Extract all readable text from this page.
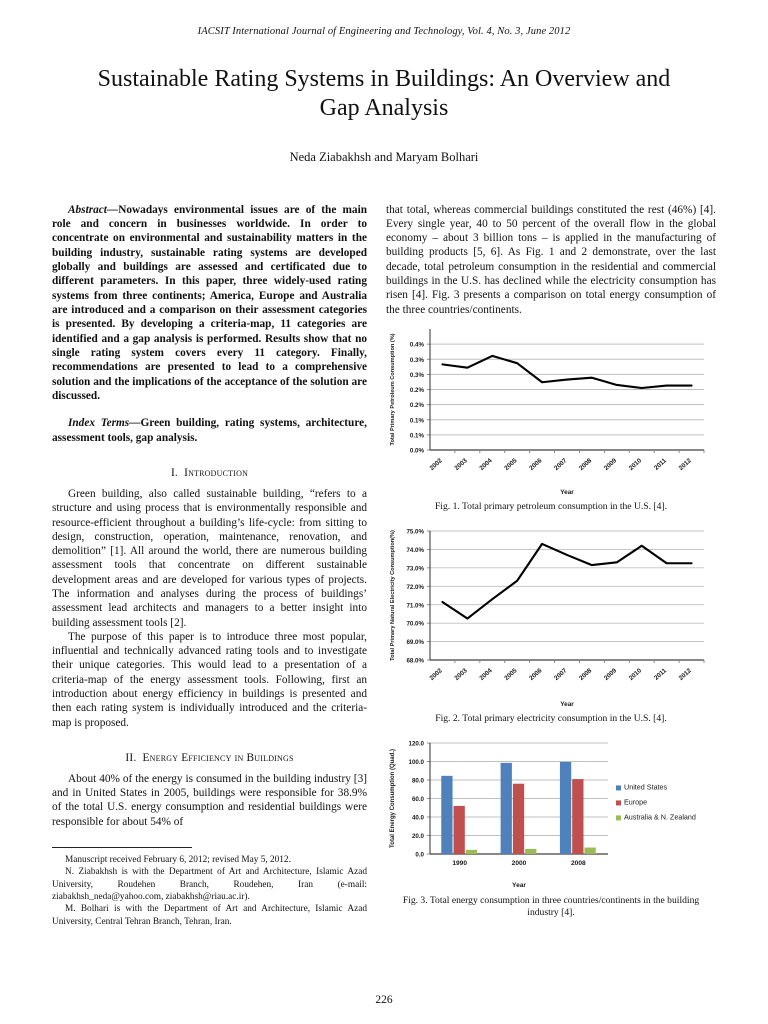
IACSIT International Journal of Engineering and Technology, Vol. 4, No. 3, June 2012
Sustainable Rating Systems in Buildings: An Overview and Gap Analysis
Neda Ziabakhsh and Maryam Bolhari

Abstract—Nowadays environmental issues are of the main role and concern in businesses worldwide. In order to concentrate on environmental and sustainability matters in the building industry, sustainable rating systems are developed globally and buildings are assessed and certificated due to different parameters. In this paper, three widely-used rating systems from three continents; America, Europe and Australia are introduced and a comparison on their assessment categories is presented. By developing a criteria-map, 11 categories are identified and a gap analysis is performed. Results show that no single rating system covers every 11 category. Finally, recommendations are presented to lead to a comprehensive solution and the implications of the acceptance of the solution are discussed.

Index Terms—Green building, rating systems, architecture, assessment tools, gap analysis.

I. Introduction

Green building, also called sustainable building, “refers to a structure and using process that is environmentally responsible and resource-efficient throughout a building’s life-cycle: from sitting to design, construction, operation, maintenance, renovation, and demolition” [1]. All around the world, there are numerous building assessment tools that concentrate on different sustainable development areas and are developed for various types of projects. The information and analyses during the process of buildings’ assessment lead architects and managers to a better insight into building assessment tools [2].

The purpose of this paper is to introduce three most popular, influential and technically advanced rating tools and to investigate their unique categories. This would lead to a presentation of a criteria-map of the energy assessment tools. Following, first an introduction about energy efficiency in buildings is presented and then each rating system is individually introduced and the criteria-map is proposed.

II. Energy Efficiency in Buildings

About 40% of the energy is consumed in the building industry [3] and in United States in 2005, buildings were responsible for 38.9% of the total U.S. energy consumption and residential buildings were responsible for about 54% of

Manuscript received February 6, 2012; revised May 5, 2012.
N. Ziabakhsh is with the Department of Art and Architecture, Islamic Azad University, Roudehen Branch, Roudehen, Iran (e-mail: ziabakhsh_neda@yahoo.com, ziabakhsh@riau.ac.ir).
M. Bolhari is with the Department of Art and Architecture, Islamic Azad University, Central Tehran Branch, Tehran, Iran.

that total, whereas commercial buildings constituted the rest (46%) [4]. Every single year, 40 to 50 percent of the overall flow in the global economy – about 3 billion tons – is applied in the manufacturing of building products [5, 6]. As Fig. 1 and 2 demonstrate, over the last decade, total petroleum consumption in the residential and commercial buildings in the U.S. has declined while the electricity consumption has risen [4]. Fig. 3 presents a comparison on total energy consumption of the three countries/continents.

0.0%
0.1%
0.1%
0.2%
0.2%
0.3%
0.3%
0.4%
2002 2003 2004 2005 2006 2007 2008 2009 2010 2011 2012
Year
Total Primary Petroleum Consumption (%)
Fig. 1. Total primary petroleum consumption in the U.S. [4].
68.0%
69.0%
70.0%
71.0%
72.0%
73.0%
74.0%
75.0%
2002 2003 2004 2005 2006 2007 2008 2009 2010 2011 2012
Year
Total Primary Natural Electricity Consumption(%)
Fig. 2. Total primary electricity consumption in the U.S. [4].
0.0
20.0
40.0
60.0
80.0
100.0
120.0
1990	2000	2008
Year
Total Energy Consumption (Quad.)	United States
Europe
Australia & N. Zealand
Fig. 3. Total energy consumption in three countries/continents in the building industry [4].
226
